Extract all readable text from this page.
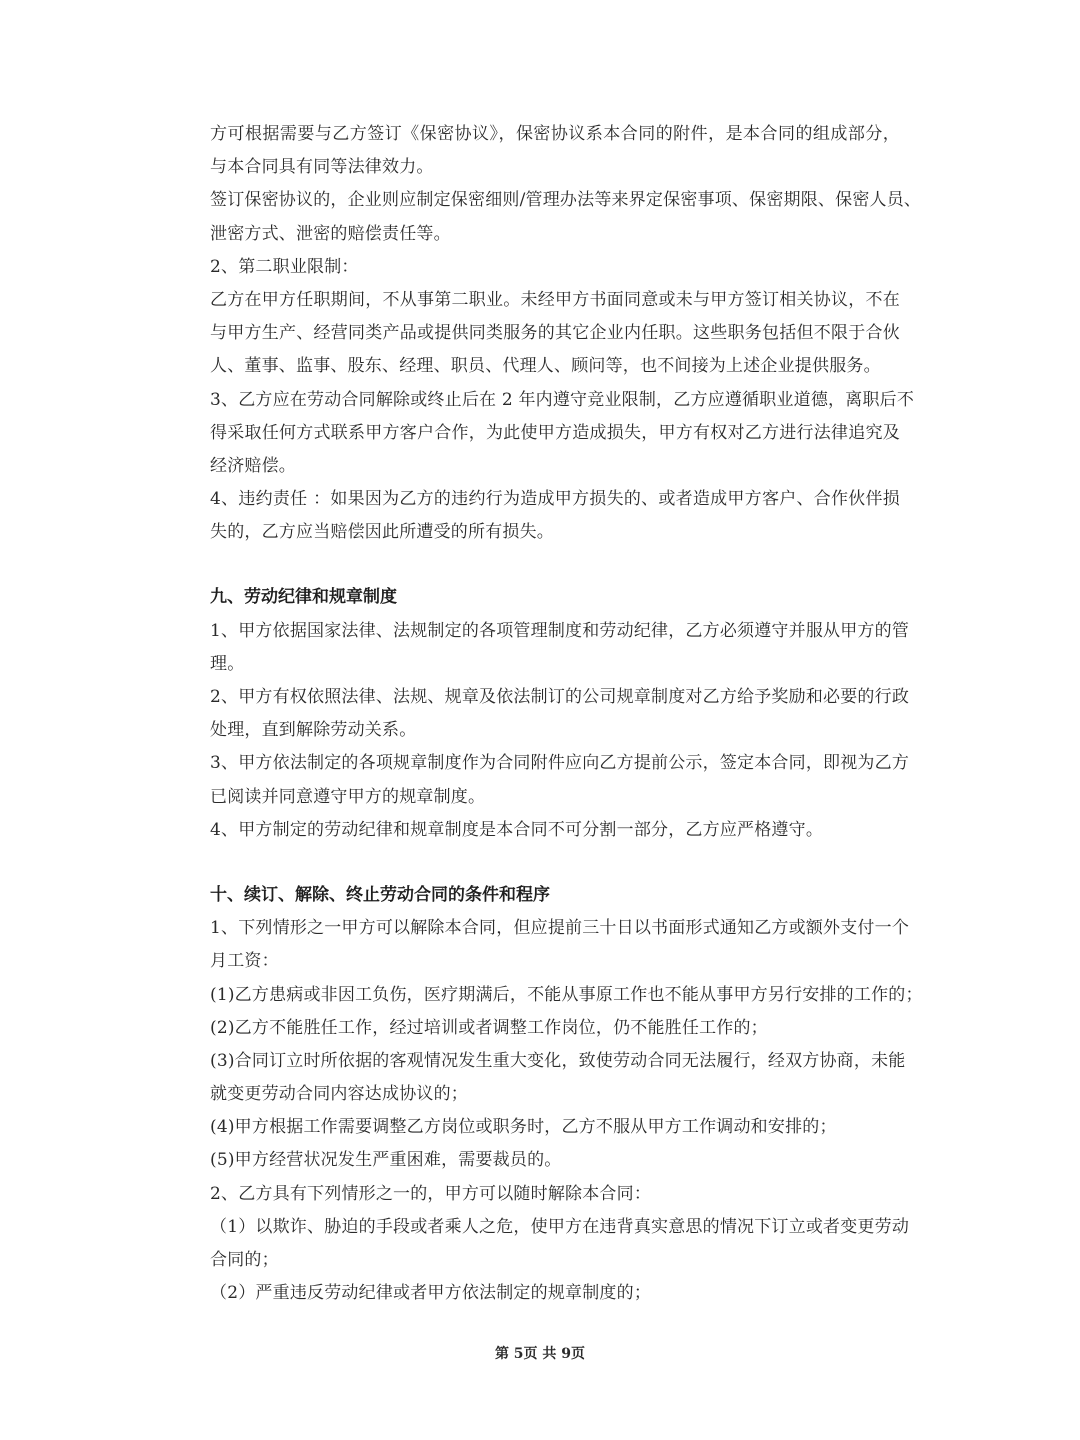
方可根据需要与乙方签订《保密协议》，保密协议系本合同的附件，是本合同的组成部分，
与本合同具有同等法律效力。
签订保密协议的，企业则应制定保密细则/管理办法等来界定保密事项、保密期限、保密人员、
泄密方式、泄密的赔偿责任等。
2、第二职业限制：
乙方在甲方任职期间，不从事第二职业。未经甲方书面同意或未与甲方签订相关协议，不在
与甲方生产、经营同类产品或提供同类服务的其它企业内任职。这些职务包括但不限于合伙
人、董事、监事、股东、经理、职员、代理人、顾问等，也不间接为上述企业提供服务。
3、乙方应在劳动合同解除或终止后在 2 年内遵守竞业限制，乙方应遵循职业道德，离职后不
得采取任何方式联系甲方客户合作，为此使甲方造成损失，甲方有权对乙方进行法律追究及
经济赔偿。
4、违约责任 ：如果因为乙方的违约行为造成甲方损失的、或者造成甲方客户、合作伙伴损
失的，乙方应当赔偿因此所遭受的所有损失。
九、劳动纪律和规章制度
1、甲方依据国家法律、法规制定的各项管理制度和劳动纪律，乙方必须遵守并服从甲方的管
理。
2、甲方有权依照法律、法规、规章及依法制订的公司规章制度对乙方给予奖励和必要的行政
处理，直到解除劳动关系。
3、甲方依法制定的各项规章制度作为合同附件应向乙方提前公示，签定本合同，即视为乙方
已阅读并同意遵守甲方的规章制度。
4、甲方制定的劳动纪律和规章制度是本合同不可分割一部分，乙方应严格遵守。
十、续订、解除、终止劳动合同的条件和程序
1、下列情形之一甲方可以解除本合同，但应提前三十日以书面形式通知乙方或额外支付一个
月工资：
(1)乙方患病或非因工负伤，医疗期满后，不能从事原工作也不能从事甲方另行安排的工作的；
(2)乙方不能胜任工作，经过培训或者调整工作岗位，仍不能胜任工作的；
(3)合同订立时所依据的客观情况发生重大变化，致使劳动合同无法履行，经双方协商，未能
就变更劳动合同内容达成协议的；
(4)甲方根据工作需要调整乙方岗位或职务时，乙方不服从甲方工作调动和安排的；
(5)甲方经营状况发生严重困难，需要裁员的。
2、乙方具有下列情形之一的，甲方可以随时解除本合同：
（1）以欺诈、胁迫的手段或者乘人之危，使甲方在违背真实意思的情况下订立或者变更劳动
合同的；
（2）严重违反劳动纪律或者甲方依法制定的规章制度的；
第 5页 共 9页
